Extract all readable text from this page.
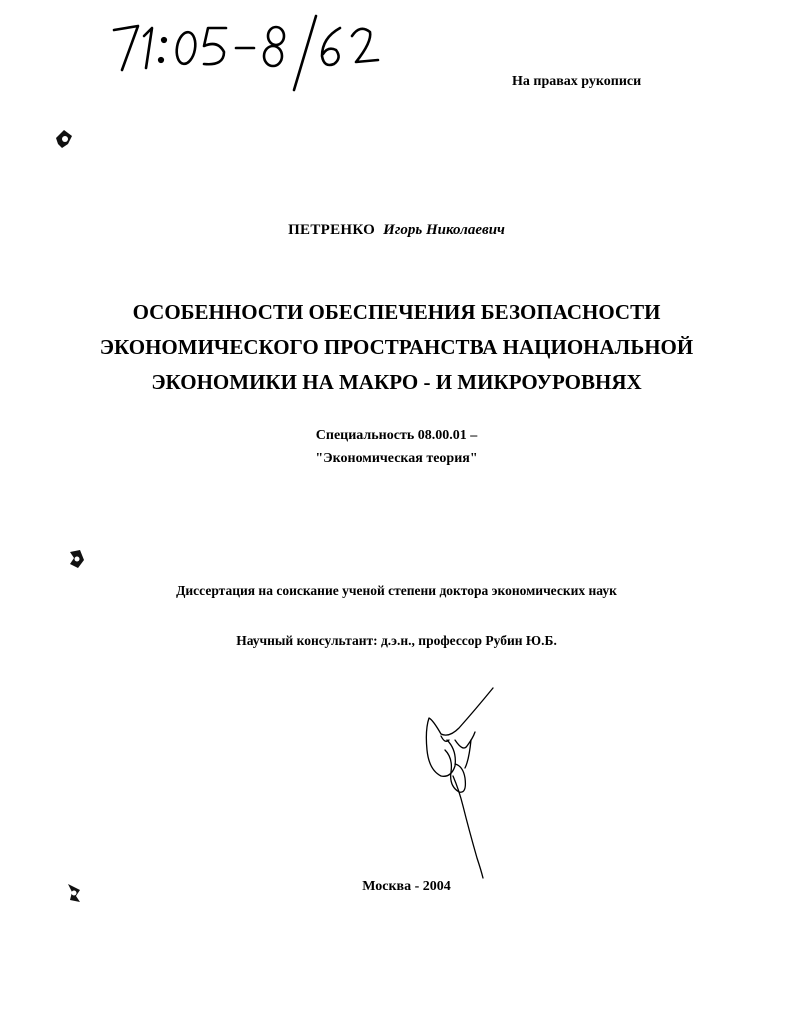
На правах рукописи
ПЕТРЕНКО Игорь Николаевич
ОСОБЕННОСТИ ОБЕСПЕЧЕНИЯ БЕЗОПАСНОСТИ
ЭКОНОМИЧЕСКОГО ПРОСТРАНСТВА НАЦИОНАЛЬНОЙ
ЭКОНОМИКИ НА МАКРО - И МИКРОУРОВНЯХ
Специальность 08.00.01 –
"Экономическая теория"
Диссертация на соискание ученой степени доктора экономических наук
Научный консультант: д.э.н., профессор Рубин Ю.Б.
Москва - 2004
